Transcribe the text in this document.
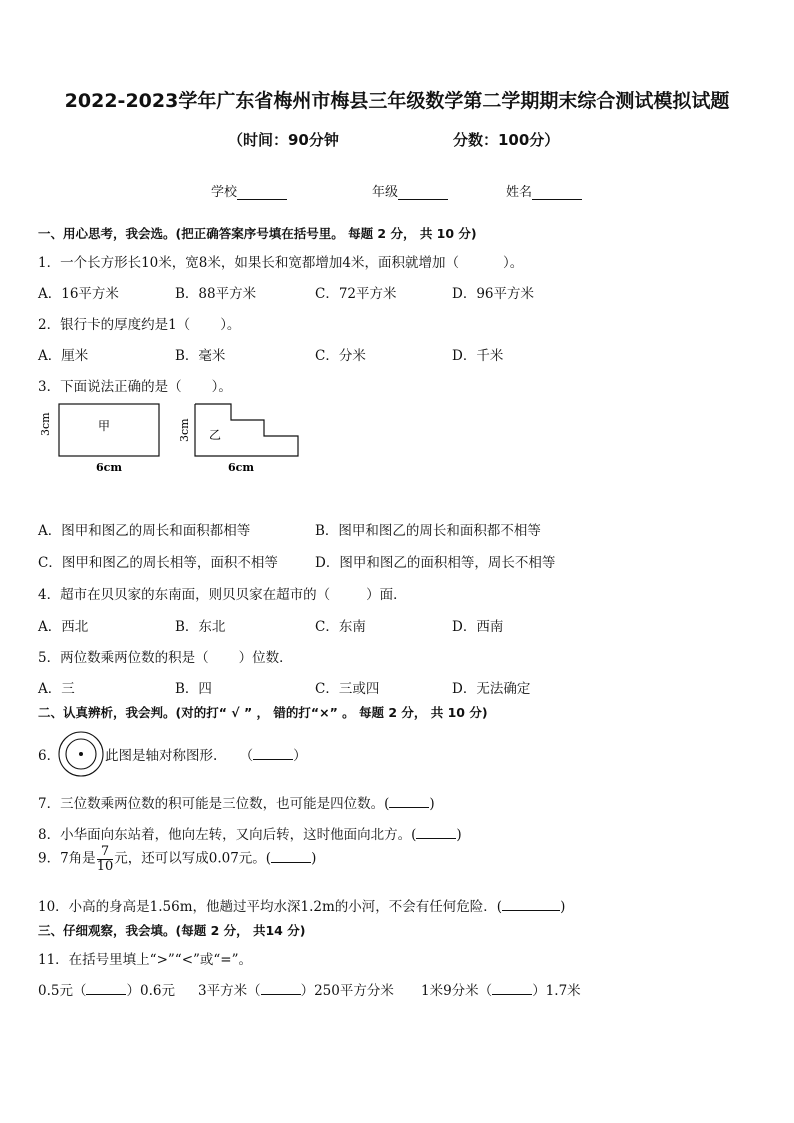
2022-2023学年广东省梅州市梅县三年级数学第二学期期末综合测试模拟试题
（时间：90分钟	分数：100分）
学校	年级	姓名
一、用心思考，我会选。(把正确答案序号填在括号里。 每题 2 分， 共 10 分)
1．一个长方形长10米，宽8米，如果长和宽都增加4米，面积就增加（	）。
A．16平方米	B．88平方米	C．72平方米	D．96平方米
2．银行卡的厚度约是1（ ）。
A．厘米	B．毫米	C．分米	D．千米
3．下面说法正确的是（ ）。
甲
3cm
6cm
乙
3cm
6cm
A．图甲和图乙的周长和面积都相等	B．图甲和图乙的周长和面积都不相等
C．图甲和图乙的周长相等，面积不相等	D．图甲和图乙的面积相等，周长不相等
4．超市在贝贝家的东南面，则贝贝家在超市的（	）面．
A．西北	B．东北	C．东南	D．西南
5．两位数乘两位数的积是（ ）位数．
A．三	B．四	C．三或四	D．无法确定
二、认真辨析，我会判。(对的打“ √ ” ， 错的打“×” 。 每题 2 分， 共 10 分)
6．	此图是轴对称图形. （	）
7．三位数乘两位数的积可能是三位数，也可能是四位数。(	)
8．小华面向东站着，他向左转，又向后转，这时他面向北方。(	)
9．7角是 $\frac{7}{10}$ 元，还可以写成0.07元。(	)
10．小高的身高是1.56m，他趟过平均水深1.2m的小河，不会有任何危险．(	)
三、仔细观察，我会填。(每题 2 分， 共14 分)
11．在括号里填上“>”“<”或“=”。
0.5元（	）0.6元 3平方米（	）250平方分米 1米9分米（	）1.7米
